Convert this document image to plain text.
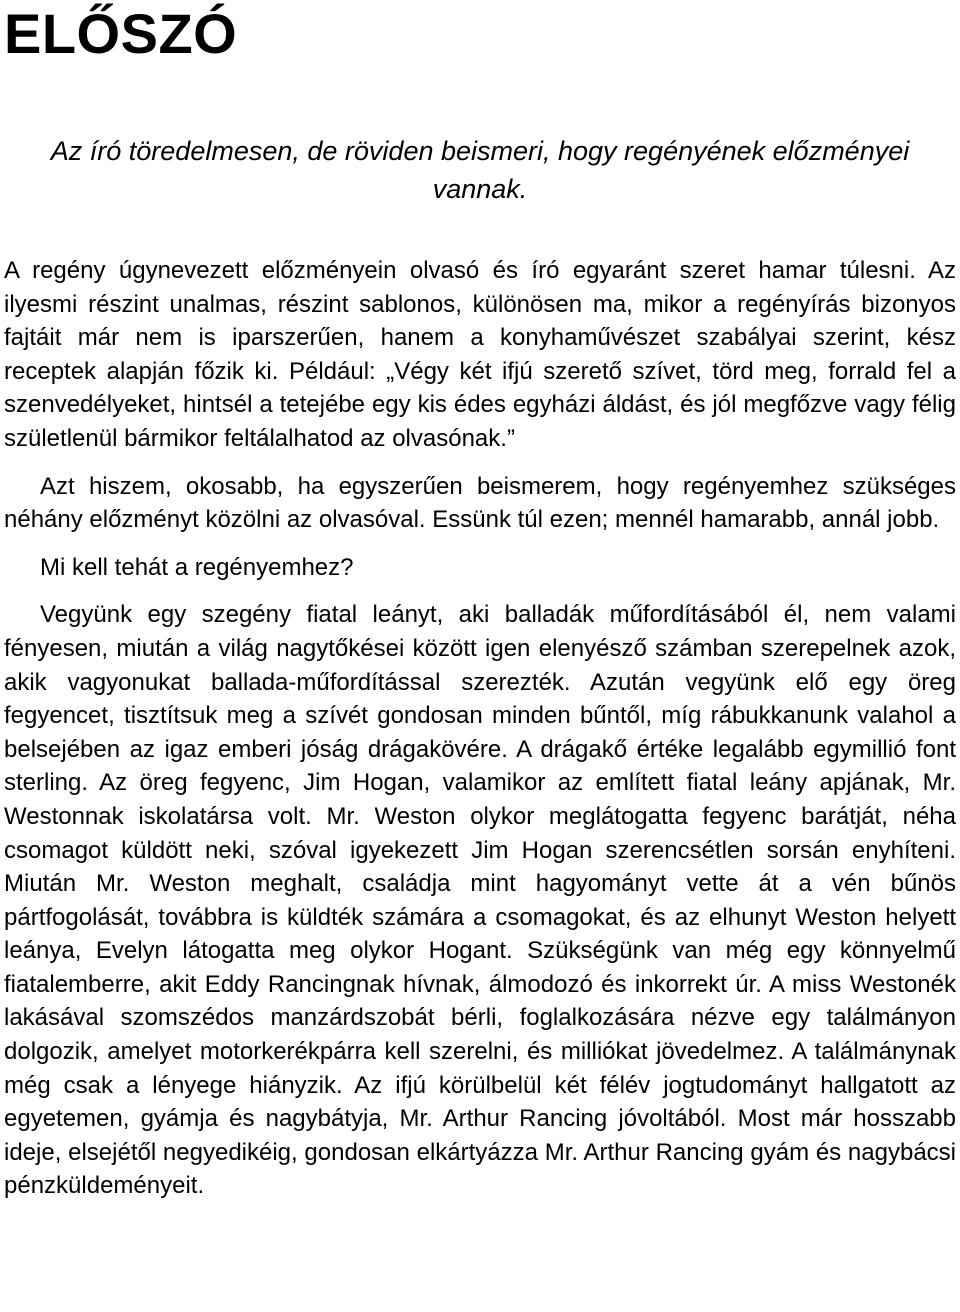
ELŐSZÓ
Az író töredelmesen, de röviden beismeri, hogy regényének előzményei vannak.

A regény úgynevezett előzményein olvasó és író egyaránt szeret hamar túlesni. Az ilyesmi részint unalmas, részint sablonos, különösen ma, mikor a regényírás bizonyos fajtáit már nem is iparszerűen, hanem a konyhaművészet szabályai szerint, kész receptek alapján főzik ki. Például: „Végy két ifjú szerető szívet, törd meg, forrald fel a szenvedélyeket, hintsél a tetejébe egy kis édes egyházi áldást, és jól megfőzve vagy félig születlenül bármikor feltálalhatod az olvasónak.”

Azt hiszem, okosabb, ha egyszerűen beismerem, hogy regényemhez szükséges néhány előzményt közölni az olvasóval. Essünk túl ezen; mennél hamarabb, annál jobb.

Mi kell tehát a regényemhez?

Vegyünk egy szegény fiatal leányt, aki balladák műfordításából él, nem valami fényesen, miután a világ nagytőkései között igen elenyésző számban szerepelnek azok, akik vagyonukat ballada-műfordítással szerezték. Azután vegyünk elő egy öreg fegyencet, tisztítsuk meg a szívét gondosan minden bűntől, míg rábukkanunk valahol a belsejében az igaz emberi jóság drágakövére. A drágakő értéke legalább egymillió font sterling. Az öreg fegyenc, Jim Hogan, valamikor az említett fiatal leány apjának, Mr. Westonnak iskolatársa volt. Mr. Weston olykor meglátogatta fegyenc barátját, néha csomagot küldött neki, szóval igyekezett Jim Hogan szerencsétlen sorsán enyhíteni. Miután Mr. Weston meghalt, családja mint hagyományt vette át a vén bűnös pártfogolását, továbbra is küldték számára a csomagokat, és az elhunyt Weston helyett leánya, Evelyn látogatta meg olykor Hogant. Szükségünk van még egy könnyelmű fiatalemberre, akit Eddy Rancingnak hívnak, álmodozó és inkorrekt úr. A miss Westonék lakásával szomszédos manzárdszobát bérli, foglalkozására nézve egy találmányon dolgozik, amelyet motorkerékpárra kell szerelni, és milliókat jövedelmez. A találmánynak még csak a lényege hiányzik. Az ifjú körülbelül két félév jogtudományt hallgatott az egyetemen, gyámja és nagybátyja, Mr. Arthur Rancing jóvoltából. Most már hosszabb ideje, elsejétől negyedikéig, gondosan elkártyázza Mr. Arthur Rancing gyám és nagybácsi pénzküldeményeit.
